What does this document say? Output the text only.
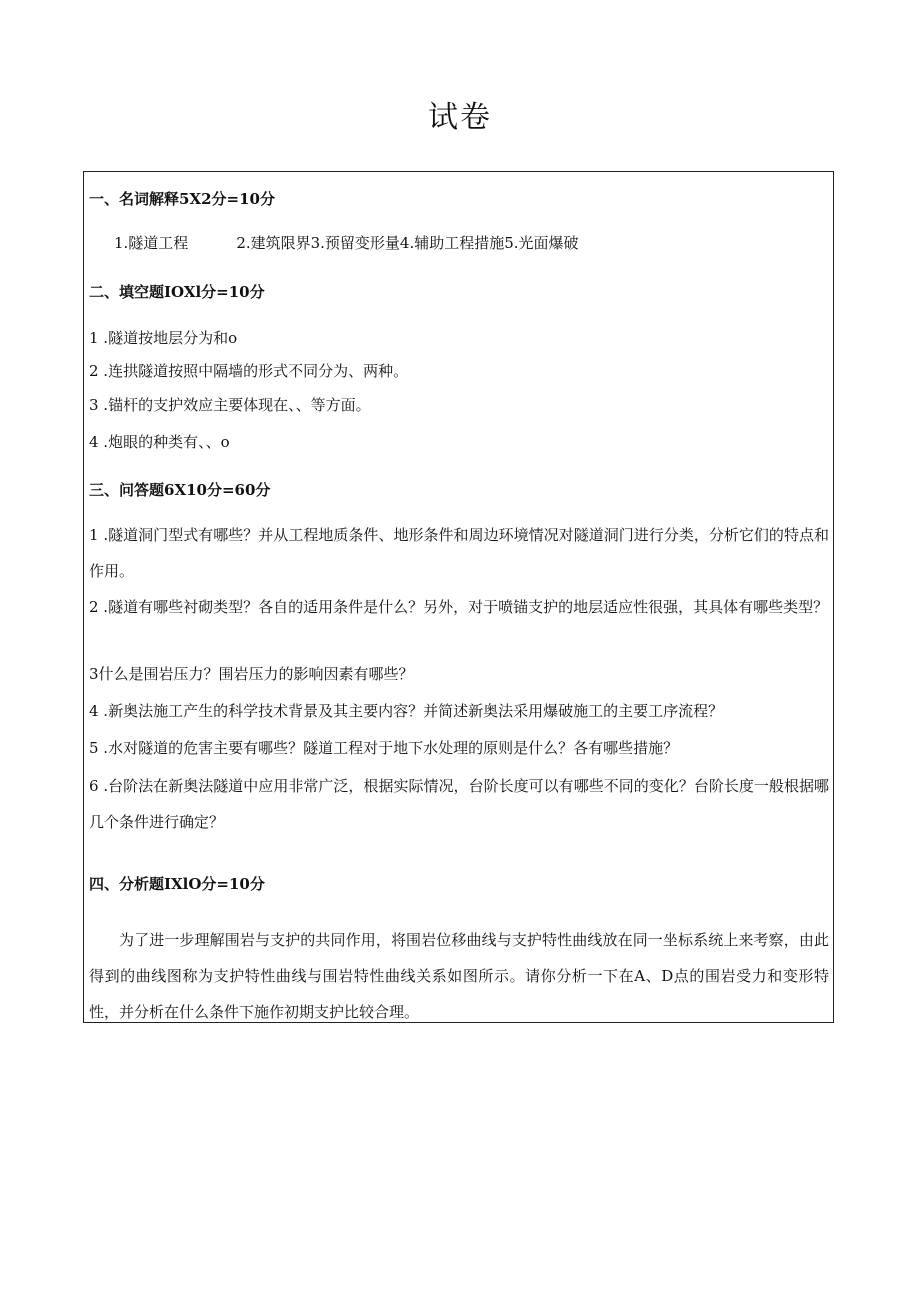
试卷

一、名词解释5X2分=10分

1.隧道工程	2.建筑限界3.预留变形量4.辅助工程措施5.光面爆破

二、填空题IOXl分=10分

1 .隧道按地层分为和o

2 .连拱隧道按照中隔墙的形式不同分为、两种。

3 .锚杆的支护效应主要体现在、、等方面。

4 .炮眼的种类有、、o

三、问答题6X10分=60分

1 .隧道洞门型式有哪些？并从工程地质条件、地形条件和周边环境情况对隧道洞门进行分类，分析它们的特点和作用。

2 .隧道有哪些衬砌类型？各自的适用条件是什么？另外，对于喷锚支护的地层适应性很强，其具体有哪些类型？

3什么是围岩压力？围岩压力的影响因素有哪些？

4 .新奥法施工产生的科学技术背景及其主要内容？并简述新奥法采用爆破施工的主要工序流程？

5 .水对隧道的危害主要有哪些？隧道工程对于地下水处理的原则是什么？各有哪些措施？

6 .台阶法在新奥法隧道中应用非常广泛，根据实际情况，台阶长度可以有哪些不同的变化？台阶长度一般根据哪几个条件进行确定？

四、分析题IXlO分=10分

为了进一步理解围岩与支护的共同作用，将围岩位移曲线与支护特性曲线放在同一坐标系统上来考察，由此得到的曲线图称为支护特性曲线与围岩特性曲线关系如图所示。请你分析一下在A、D点的围岩受力和变形特性，并分析在什么条件下施作初期支护比较合理。
